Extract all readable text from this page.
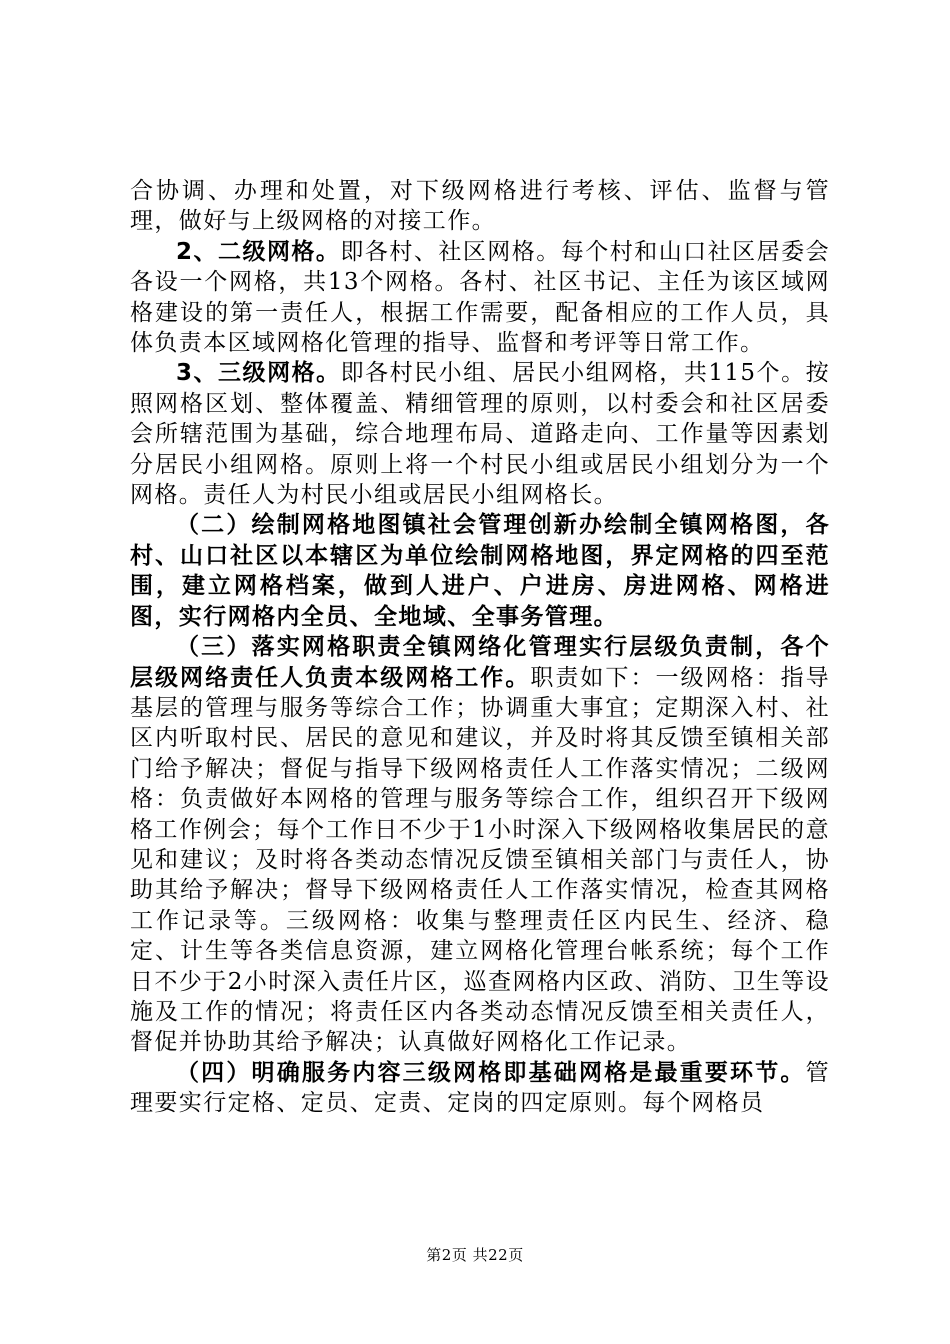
合协调、办理和处置，对下级网格进行考核、评估、监督与管理，做好与上级网格的对接工作。

2、二级网格。即各村、社区网格。每个村和山口社区居委会各设一个网格，共13个网格。各村、社区书记、主任为该区域网格建设的第一责任人，根据工作需要，配备相应的工作人员，具体负责本区域网格化管理的指导、监督和考评等日常工作。

3、三级网格。即各村民小组、居民小组网格，共115个。按照网格区划、整体覆盖、精细管理的原则，以村委会和社区居委会所辖范围为基础，综合地理布局、道路走向、工作量等因素划分居民小组网格。原则上将一个村民小组或居民小组划分为一个网格。责任人为村民小组或居民小组网格长。

（二）绘制网格地图镇社会管理创新办绘制全镇网格图，各村、山口社区以本辖区为单位绘制网格地图，界定网格的四至范围，建立网格档案，做到人进户、户进房、房进网格、网格进图，实行网格内全员、全地域、全事务管理。

（三）落实网格职责全镇网络化管理实行层级负责制，各个层级网络责任人负责本级网格工作。职责如下：一级网格：指导基层的管理与服务等综合工作；协调重大事宜；定期深入村、社区内听取村民、居民的意见和建议，并及时将其反馈至镇相关部门给予解决；督促与指导下级网格责任人工作落实情况；二级网格：负责做好本网格的管理与服务等综合工作，组织召开下级网格工作例会；每个工作日不少于1小时深入下级网格收集居民的意见和建议；及时将各类动态情况反馈至镇相关部门与责任人，协助其给予解决；督导下级网格责任人工作落实情况，检查其网格工作记录等。三级网格：收集与整理责任区内民生、经济、稳定、计生等各类信息资源，建立网格化管理台帐系统；每个工作日不少于2小时深入责任片区，巡查网格内区政、消防、卫生等设施及工作的情况；将责任区内各类动态情况反馈至相关责任人，督促并协助其给予解决；认真做好网格化工作记录。

（四）明确服务内容三级网格即基础网格是最重要环节。管理要实行定格、定员、定责、定岗的四定原则。每个网格员

第2页 共22页
